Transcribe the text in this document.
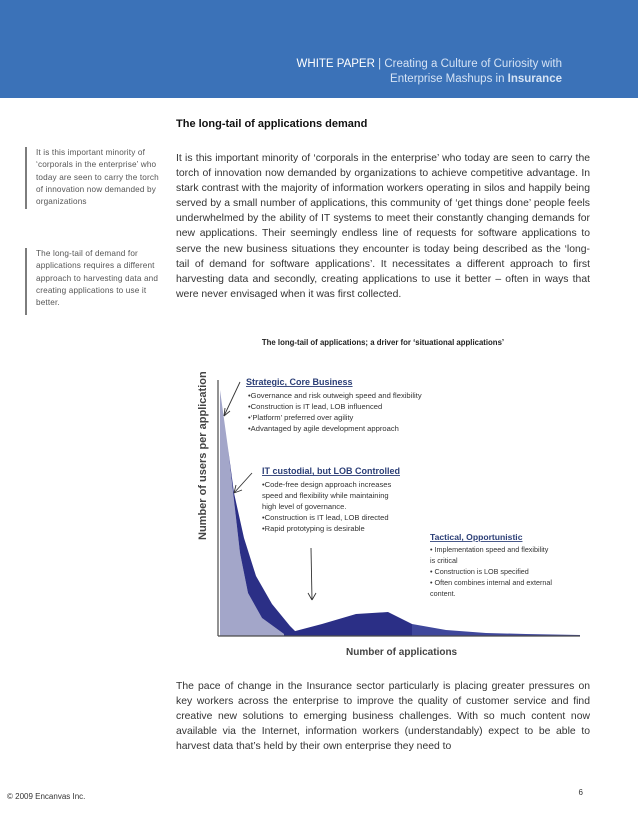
WHITE PAPER | Creating a Culture of Curiosity with
Enterprise Mashups in Insurance
The long-tail of applications demand
It is this important minority of ‘corporals in the enterprise’ who today are seen to carry the torch of innovation now demanded by organizations
The long-tail of demand for applications requires a different approach to harvesting data and creating applications to use it better.
It is this important minority of ‘corporals in the enterprise’ who today are seen to carry the torch of innovation now demanded by organizations to achieve competitive advantage. In stark contrast with the majority of information workers operating in silos and happily being served by a small number of applications, this community of ‘get things done’ people feels underwhelmed by the ability of IT systems to meet their constantly changing demands for new applications. Their seemingly endless line of requests for software applications to serve the new business situations they encounter is today being described as the ‘long-tail of demand for software applications’. It necessitates a different approach to first harvesting data and secondly, creating applications to use it better – often in ways that were never envisaged when it was first collected.
The long-tail of applications; a driver for ‘situational applications’
Number of users per application
Number of applications
Strategic, Core Business
•Governance and risk outweigh speed and flexibility
•Construction is IT lead, LOB influenced
•‘Platform’ preferred over agility
•Advantaged by agile development approach
IT custodial, but LOB Controlled
•Code-free design approach increases
speed and flexibility while maintaining
high level of governance.
•Construction is IT lead, LOB directed
•Rapid prototyping is desirable
Tactical, Opportunistic
• Implementation speed and flexibility
is critical
• Construction is LOB specified
• Often combines internal and external
content.
The pace of change in the Insurance sector particularly is placing greater pressures on key workers across the enterprise to improve the quality of customer service and find creative new solutions to emerging business challenges. With so much content now available via the Internet, information workers (understandably) expect to be able to harvest data that’s held by their own enterprise they need to
© 2009 Encanvas Inc.	6
